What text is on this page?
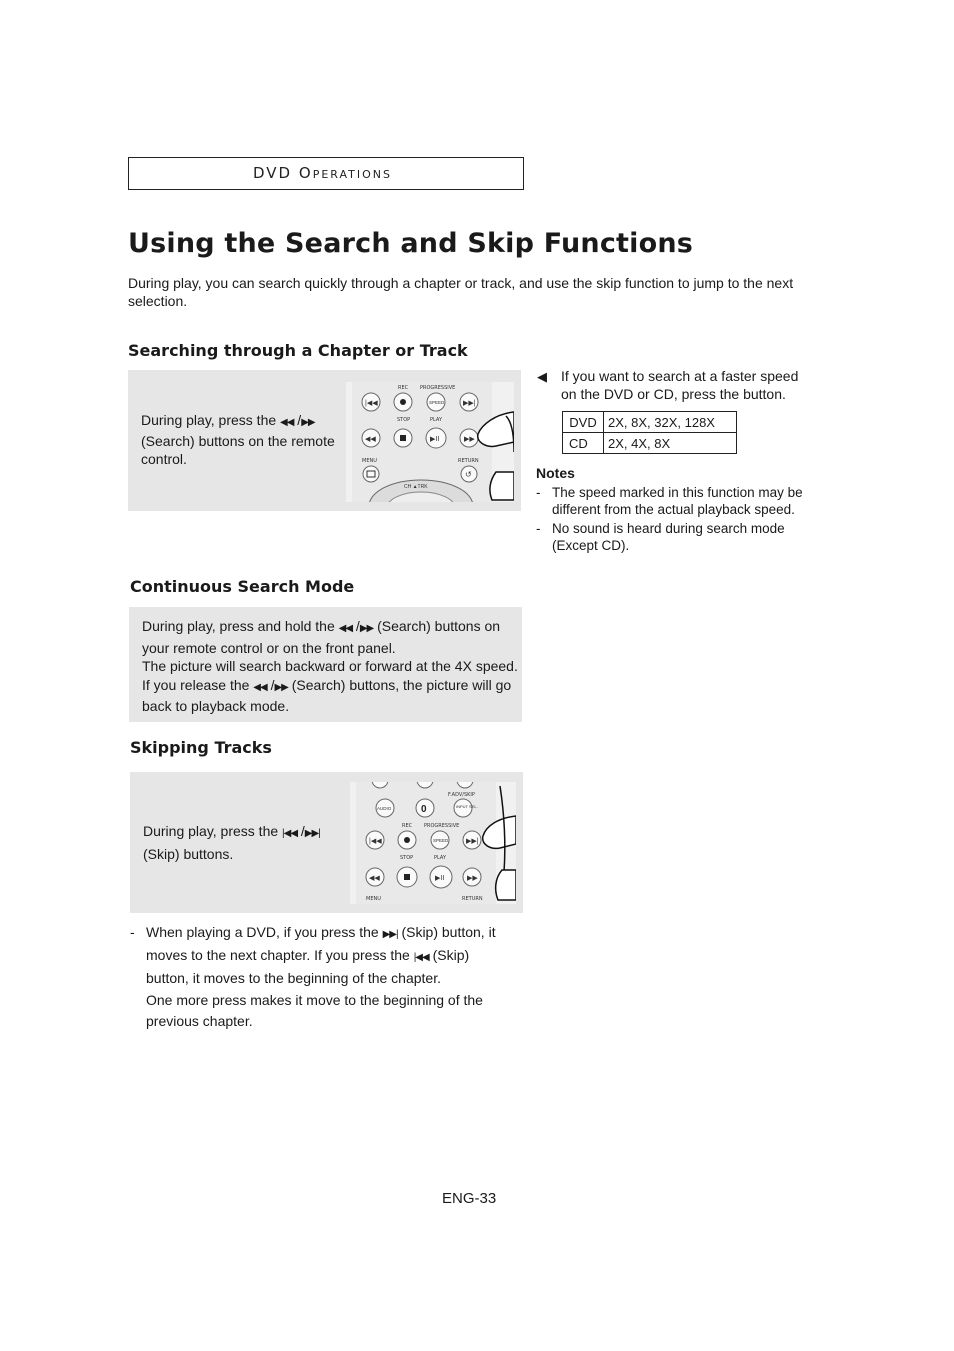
DVD OPERATIONS
Using the Search and Skip Functions
During play, you can search quickly through a chapter or track, and use the skip function to jump to the next selection.
Searching through a Chapter or Track
During play, press the ◀◀ /▶▶ (Search) buttons on the remote control.
REC PROGRESSIVE
STOP	PLAY
MENU	RETURN
|◀◀	SPEED	▶▶|
◀◀	▶II	▶▶
↺
CH ▲TRK
◀ If you want to search at a faster speed on the DVD or CD, press the button.
DVD	2X, 8X, 32X, 128X
CD	2X, 4X, 8X
Notes
- The speed marked in this function may be different from the actual playback speed.
- No sound is heard during search mode (Except CD).
Continuous Search Mode
During play, press and hold the ◀◀ /▶▶ (Search) buttons on your remote control or on the front panel.
The picture will search backward or forward at the 4X speed.
If you release the ◀◀ /▶▶ (Search) buttons, the picture will go back to playback mode.
Skipping Tracks
During play, press the |◀◀ /▶▶|
(Skip) buttons.
AUDIO	0	INPUT SEL.
F.ADV/SKIP
REC PROGRESSIVE
STOP	PLAY
MENU	RETURN
|◀◀	SPEED	▶▶|
◀◀	▶II	▶▶
- When playing a DVD, if you press the ▶▶| (Skip) button, it moves to the next chapter. If you press the |◀◀ (Skip) button, it moves to the beginning of the chapter.
One more press makes it move to the beginning of the previous chapter.
ENG-33
